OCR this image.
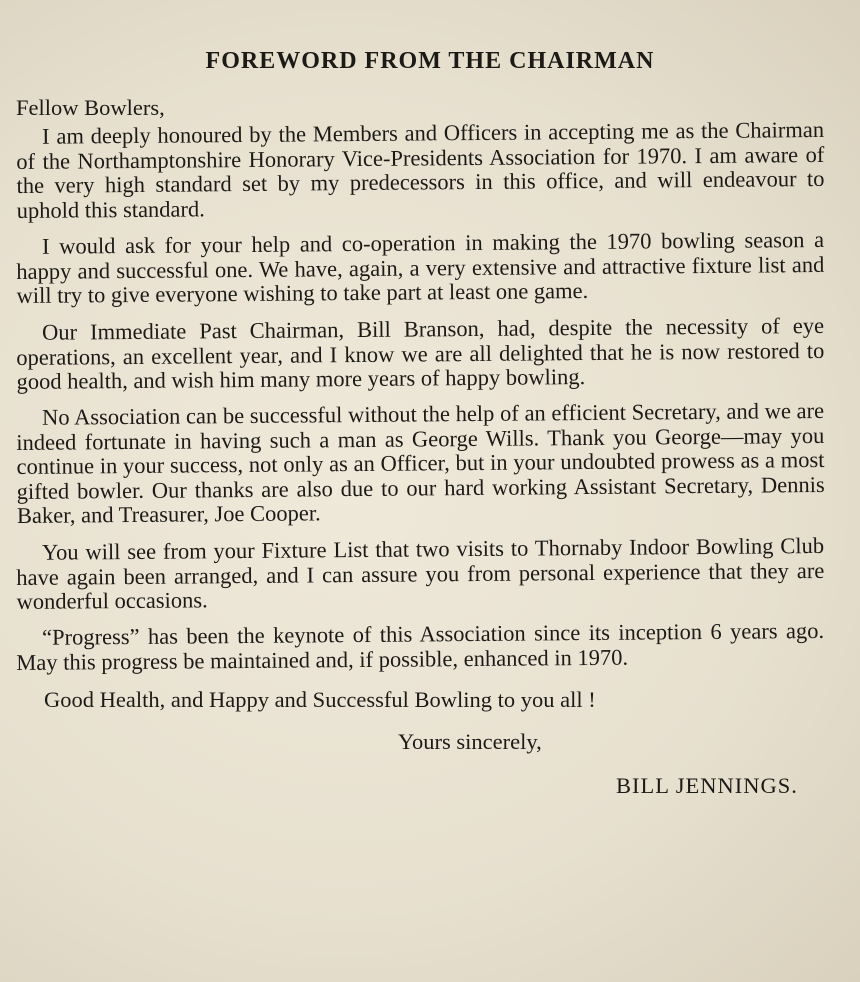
FOREWORD FROM THE CHAIRMAN

Fellow Bowlers,

I am deeply honoured by the Members and Officers in accepting me as the Chairman of the Northamptonshire Honorary Vice-Presidents Association for 1970. I am aware of the very high standard set by my predecessors in this office, and will endeavour to uphold this standard.

I would ask for your help and co-operation in making the 1970 bowling season a happy and successful one. We have, again, a very extensive and attractive fixture list and will try to give everyone wishing to take part at least one game.

Our Immediate Past Chairman, Bill Branson, had, despite the necessity of eye operations, an excellent year, and I know we are all delighted that he is now restored to good health, and wish him many more years of happy bowling.

No Association can be successful without the help of an efficient Secretary, and we are indeed fortunate in having such a man as George Wills. Thank you George—may you continue in your success, not only as an Officer, but in your undoubted prowess as a most gifted bowler. Our thanks are also due to our hard working Assistant Secretary, Dennis Baker, and Treasurer, Joe Cooper.

You will see from your Fixture List that two visits to Thornaby Indoor Bowling Club have again been arranged, and I can assure you from personal experience that they are wonderful occasions.

“Progress” has been the keynote of this Association since its inception 6 years ago. May this progress be maintained and, if possible, enhanced in 1970.

Good Health, and Happy and Successful Bowling to you all !

Yours sincerely,

BILL JENNINGS.
